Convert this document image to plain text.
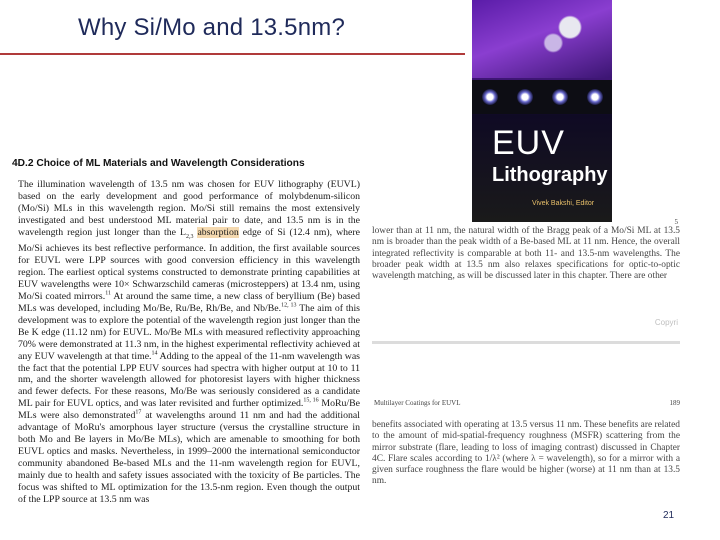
Why Si/Mo and 13.5nm?
4D.2 Choice of ML Materials and Wavelength Considerations
The illumination wavelength of 13.5 nm was chosen for EUV lithography (EUVL) based on the early development and good performance of molybdenum-silicon (Mo/Si) MLs in this wavelength region. Mo/Si still remains the most extensively investigated and best understood ML material pair to date, and 13.5 nm is in the wavelength region just longer than the $L_{2,3}$ absorption edge of Si (12.4 nm), where Mo/Si achieves its best reflective performance. In addition, the first available sources for EUVL were LPP sources with good conversion efficiency in this wavelength region. The earliest optical systems constructed to demonstrate printing capabilities at EUV wavelengths were 10× Schwarzschild cameras (microsteppers) at 13.4 nm, using Mo/Si coated mirrors.$^{11}$ At around the same time, a new class of beryllium (Be) based MLs was developed, including Mo/Be, Ru/Be, Rh/Be, and Nb/Be.$^{12, 13}$ The aim of this development was to explore the potential of the wavelength region just longer than the Be K edge (11.12 nm) for EUVL. Mo/Be MLs with measured reflectivity approaching 70% were demonstrated at 11.3 nm, in the highest experimental reflectivity achieved at any EUV wavelength at that time.$^{14}$ Adding to the appeal of the 11-nm wavelength was the fact that the potential LPP EUV sources had spectra with higher output at 10 to 11 nm, and the shorter wavelength allowed for photoresist layers with higher thickness and fewer defects. For these reasons, Mo/Be was seriously considered as a candidate ML pair for EUVL optics, and was later revisited and further optimized.$^{15, 16}$ MoRu/Be MLs were also demonstrated$^{17}$ at wavelengths around 11 nm and had the additional advantage of MoRu's amorphous layer structure (versus the crystalline structure in both Mo and Be layers in Mo/Be MLs), which are amenable to smoothing for both EUVL optics and masks. Nevertheless, in 1999–2000 the international semiconductor community abandoned Be-based MLs and the 11-nm wavelength region for EUVL, mainly due to health and safety issues associated with the toxicity of Be particles. The focus was shifted to ML optimization for the 13.5-nm region. Even though the output of the LPP source at 13.5 nm was
EUV
Lithography
Vivek Bakshi, Editor
5

lower than at 11 nm, the natural width of the Bragg peak of a Mo/Si ML at 13.5 nm is broader than the peak width of a Be-based ML at 11 nm. Hence, the overall integrated reflectivity is comparable at both 11- and 13.5-nm wavelengths. The broader peak width at 13.5 nm also relaxes specifications for optic-to-optic wavelength matching, as will be discussed later in this chapter. There are other

Copyri
Multilayer Coatings for EUVL	189

benefits associated with operating at 13.5 versus 11 nm. These benefits are related to the amount of mid-spatial-frequency roughness (MSFR) scattering from the mirror substrate (flare, leading to loss of imaging contrast) discussed in Chapter 4C. Flare scales according to 1/λ² (where λ = wavelength), so for a mirror with a given surface roughness the flare would be higher (worse) at 11 nm than at 13.5 nm.

21
